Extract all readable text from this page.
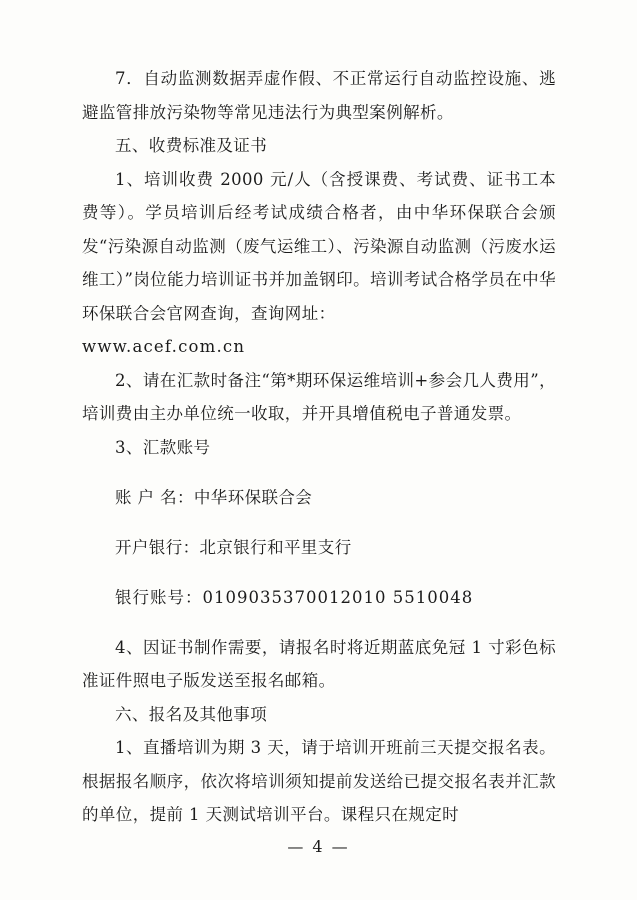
7．自动监测数据弄虚作假、不正常运行自动监控设施、逃避监管排放污染物等常见违法行为典型案例解析。

五、收费标准及证书

1、培训收费 2000 元/人（含授课费、考试费、证书工本费等）。学员培训后经考试成绩合格者，由中华环保联合会颁发“污染源自动监测（废气运维工）、污染源自动监测（污废水运维工）”岗位能力培训证书并加盖钢印。培训考试合格学员在中华环保联合会官网查询，查询网址：

www.acef.com.cn

2、请在汇款时备注“第*期环保运维培训+参会几人费用”，培训费由主办单位统一收取，并开具增值税电子普通发票。

3、汇款账号

账 户 名：中华环保联合会

开户银行：北京银行和平里支行

银行账号：0109035370012010 5510048

4、因证书制作需要，请报名时将近期蓝底免冠 1 寸彩色标准证件照电子版发送至报名邮箱。

六、报名及其他事项

1、直播培训为期 3 天，请于培训开班前三天提交报名表。根据报名顺序，依次将培训须知提前发送给已提交报名表并汇款的单位，提前 1 天测试培训平台。课程只在规定时

— 4 —
